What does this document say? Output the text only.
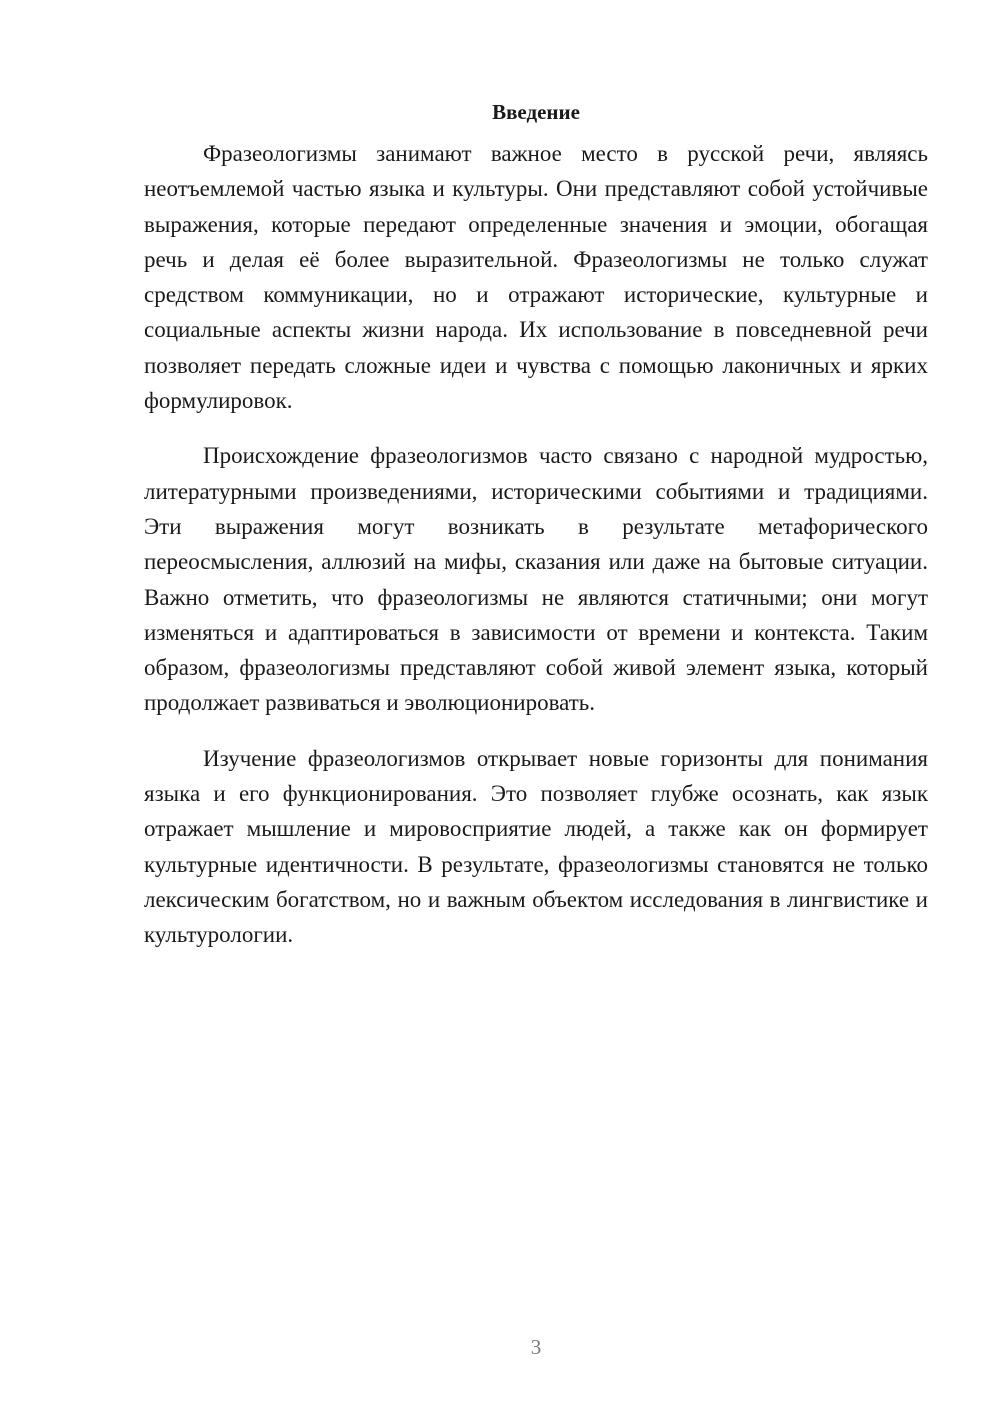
Введение

Фразеологизмы занимают важное место в русской речи, являясь неотъемлемой частью языка и культуры. Они представляют собой устойчивые выражения, которые передают определенные значения и эмоции, обогащая речь и делая её более выразительной. Фразеологизмы не только служат средством коммуникации, но и отражают исторические, культурные и социальные аспекты жизни народа. Их использование в повседневной речи позволяет передать сложные идеи и чувства с помощью лаконичных и ярких формулировок.

Происхождение фразеологизмов часто связано с народной мудростью, литературными произведениями, историческими событиями и традициями. Эти выражения могут возникать в результате метафорического переосмысления, аллюзий на мифы, сказания или даже на бытовые ситуации. Важно отметить, что фразеологизмы не являются статичными; они могут изменяться и адаптироваться в зависимости от времени и контекста. Таким образом, фразеологизмы представляют собой живой элемент языка, который продолжает развиваться и эволюционировать.

Изучение фразеологизмов открывает новые горизонты для понимания языка и его функционирования. Это позволяет глубже осознать, как язык отражает мышление и мировосприятие людей, а также как он формирует культурные идентичности. В результате, фразеологизмы становятся не только лексическим богатством, но и важным объектом исследования в лингвистике и культурологии.

3
